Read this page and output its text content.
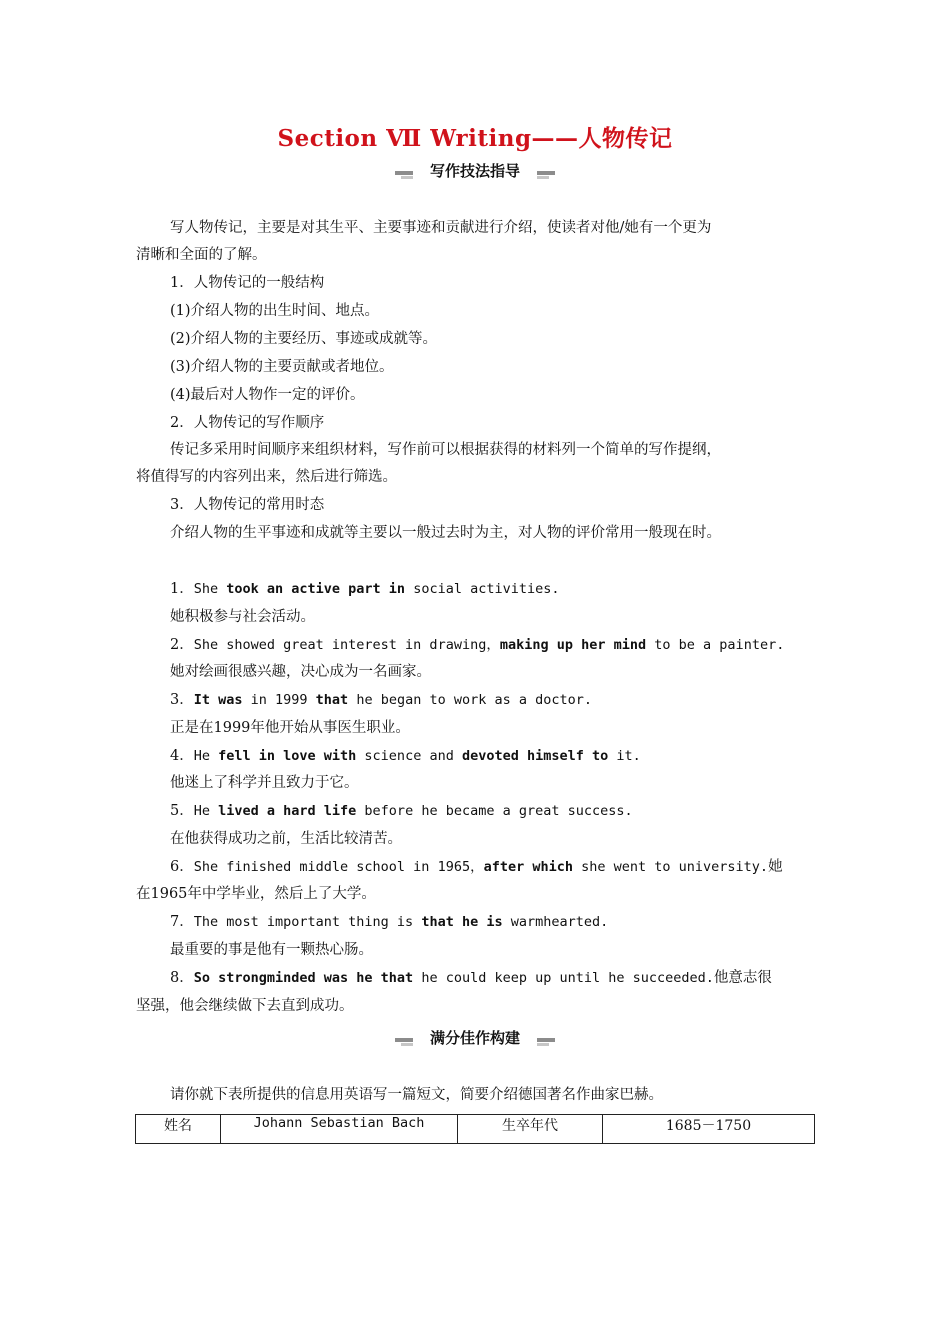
Section Ⅶ Writing——人物传记
写作技法指导
写人物传记，主要是对其生平、主要事迹和贡献进行介绍，使读者对他/她有一个更为
清晰和全面的了解。
1．人物传记的一般结构
(1)介绍人物的出生时间、地点。
(2)介绍人物的主要经历、事迹或成就等。
(3)介绍人物的主要贡献或者地位。
(4)最后对人物作一定的评价。
2．人物传记的写作顺序
传记多采用时间顺序来组织材料，写作前可以根据获得的材料列一个简单的写作提纲，
将值得写的内容列出来，然后进行筛选。
3．人物传记的常用时态
介绍人物的生平事迹和成就等主要以一般过去时为主，对人物的评价常用一般现在时。
1．She took an active part in social activities.
她积极参与社会活动。
2．She showed great interest in drawing，making up her mind to be a painter.
她对绘画很感兴趣，决心成为一名画家。
3．It was in 1999 that he began to work as a doctor.
正是在1999年他开始从事医生职业。
4．He fell in love with science and devoted himself to it.
他迷上了科学并且致力于它。
5．He lived a hard life before he became a great success.
在他获得成功之前，生活比较清苦。
6．She finished middle school in 1965，after which she went to university.她
在1965年中学毕业，然后上了大学。
7．The most important thing is that he is warmhearted.
最重要的事是他有一颗热心肠。
8．So strongminded was he that he could keep up until he succeeded.他意志很
坚强，他会继续做下去直到成功。
满分佳作构建
请你就下表所提供的信息用英语写一篇短文，简要介绍德国著名作曲家巴赫。
姓名	Johann Sebastian Bach	生卒年代	1685－1750
